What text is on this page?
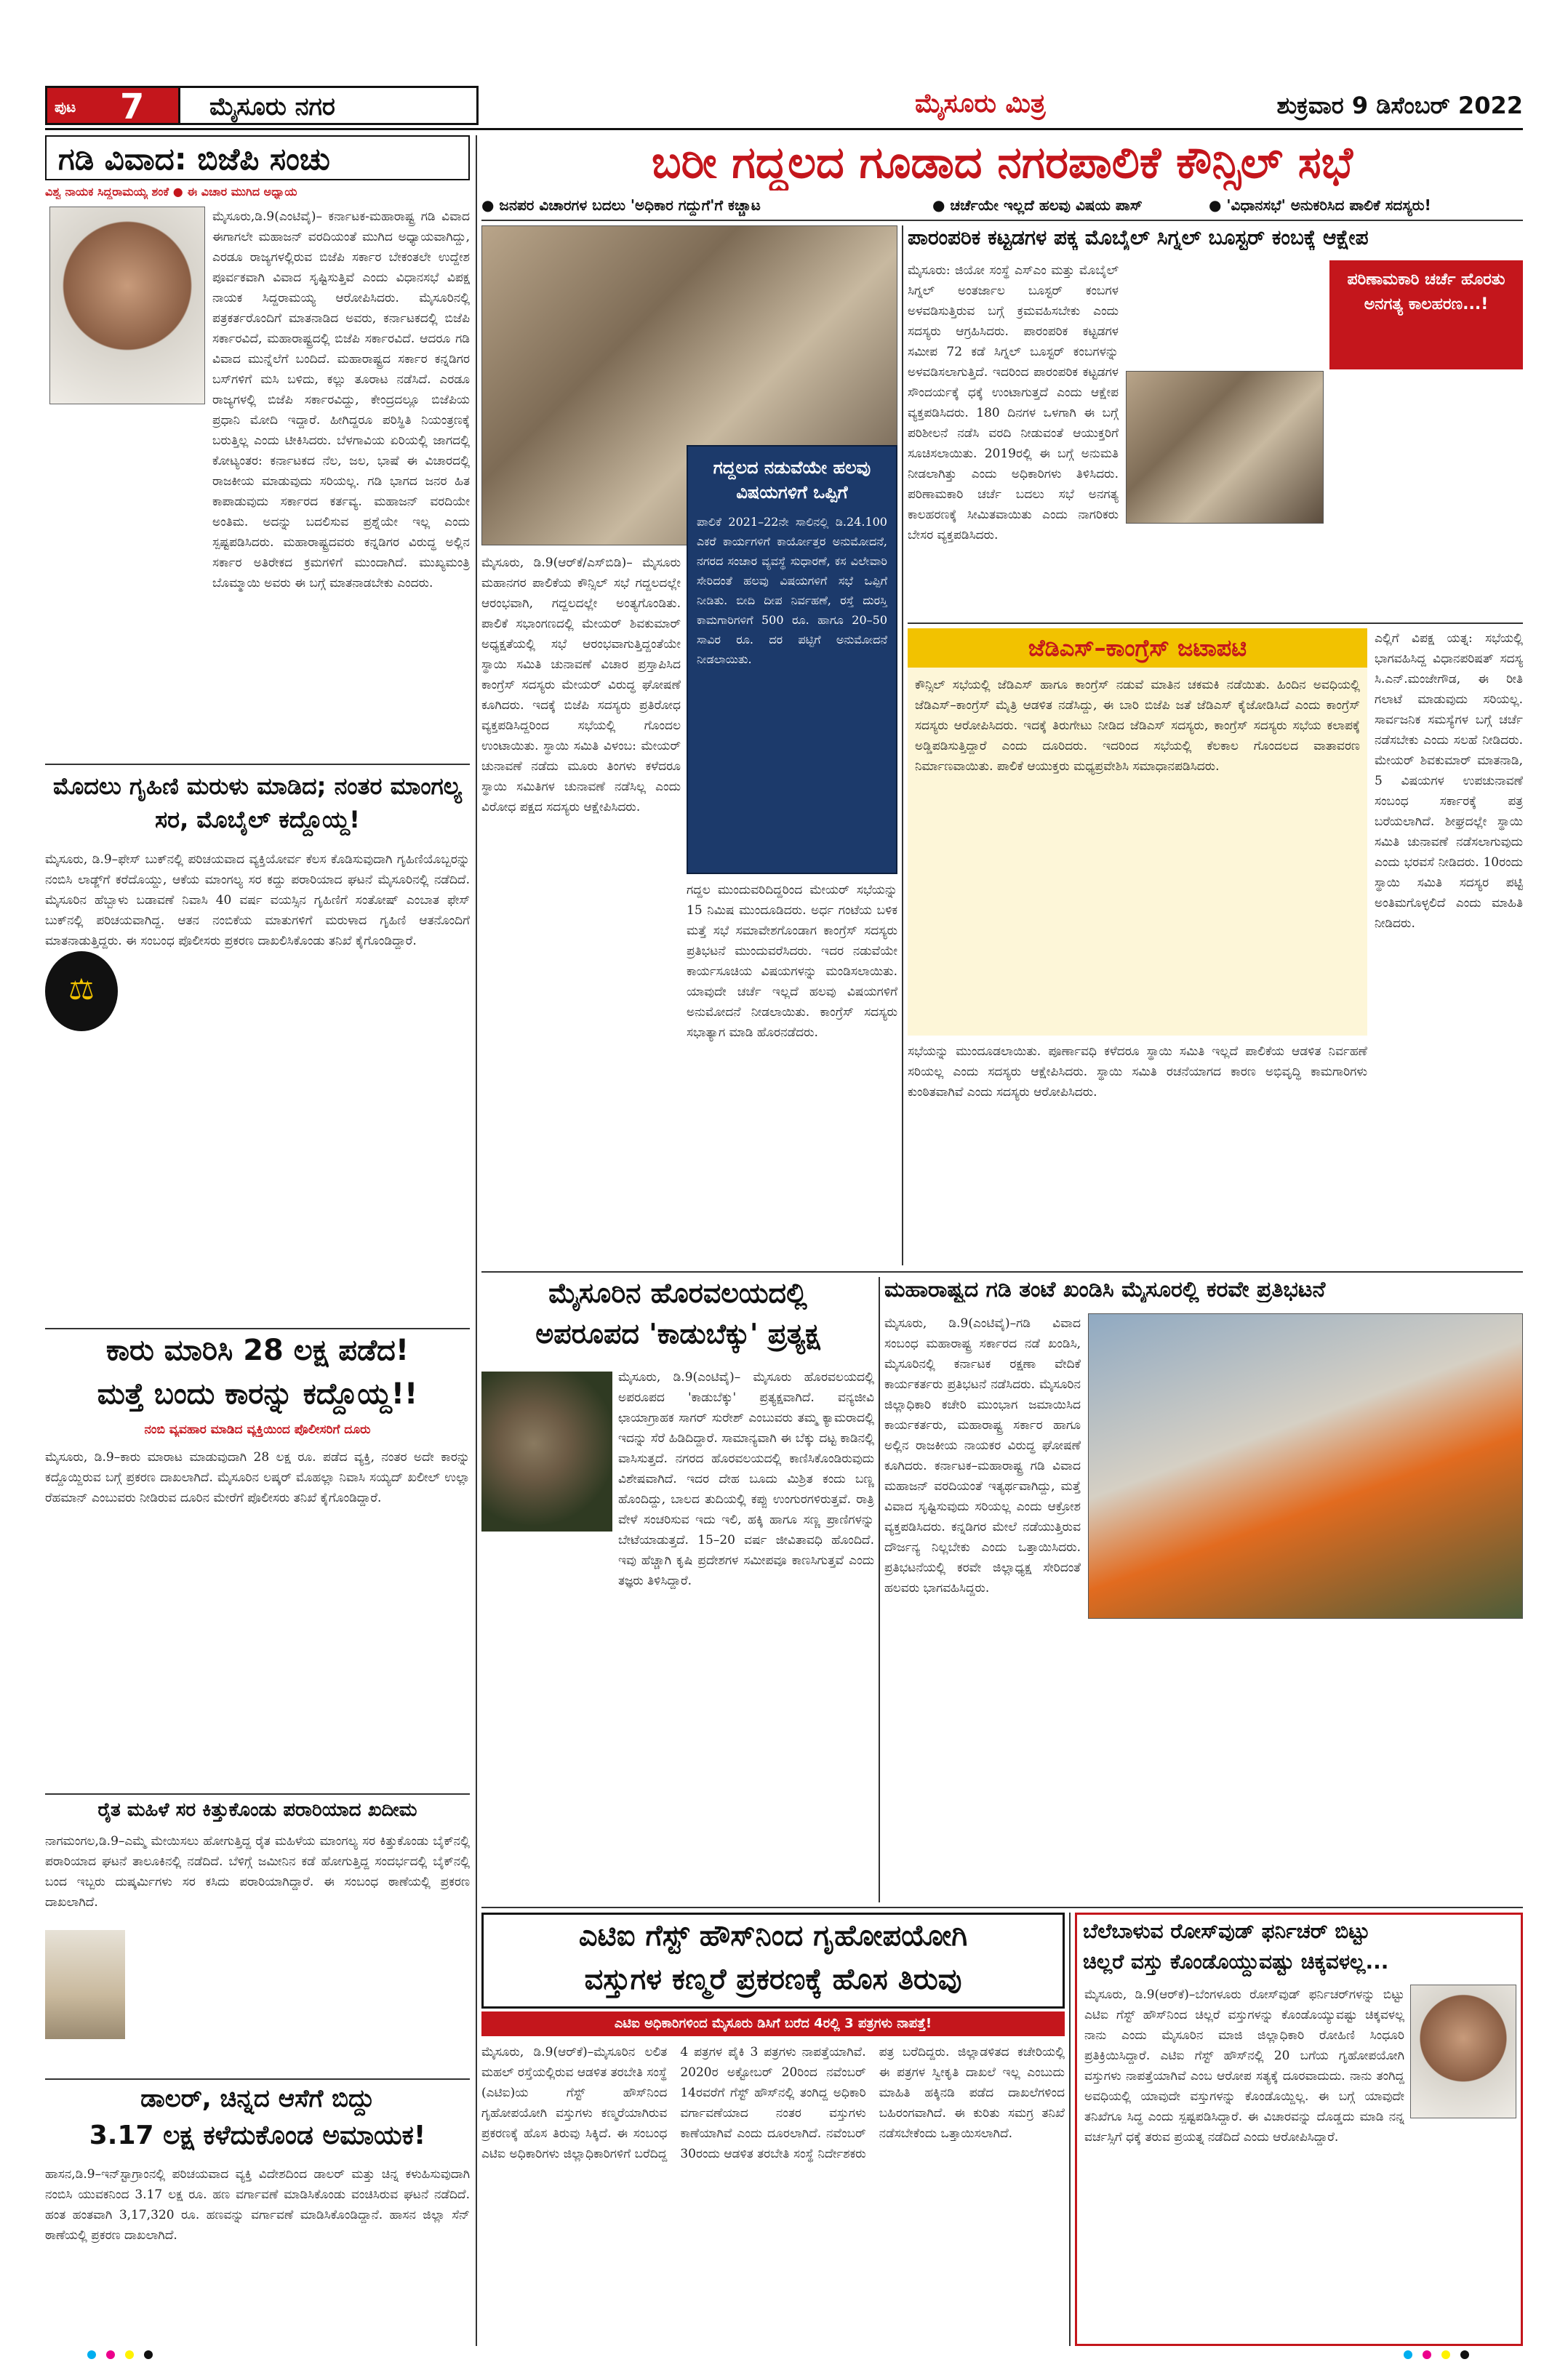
ಪುಟ 7	ಮೈಸೂರು ನಗರ	ಮೈಸೂರು ಮಿತ್ರ	ಶುಕ್ರವಾರ 9 ಡಿಸೆಂಬರ್ 2022
ಗಡಿ ವಿವಾದ: ಬಿಜೆಪಿ ಸಂಚು
ವಿಶ್ವ ನಾಯಕ ಸಿದ್ದರಾಮಯ್ಯ ಶಂಕೆ ● ಈ ವಿಚಾರ ಮುಗಿದ ಅಧ್ಯಾಯ
ಮೈಸೂರು,ಡಿ.9(ಎಂಟಿವೈ)– ಕರ್ನಾಟಕ-ಮಹಾರಾಷ್ಟ್ರ ಗಡಿ ವಿವಾದ ಈಗಾಗಲೇ ಮಹಾಜನ್ ವರದಿಯಂತೆ ಮುಗಿದ ಅಧ್ಯಾಯವಾಗಿದ್ದು, ಎರಡೂ ರಾಜ್ಯಗಳಲ್ಲಿರುವ ಬಿಜೆಪಿ ಸರ್ಕಾರ ಬೇಕಂತಲೇ ಉದ್ದೇಶ ಪೂರ್ವಕವಾಗಿ ವಿವಾದ ಸೃಷ್ಟಿಸುತ್ತಿವೆ ಎಂದು ವಿಧಾನಸಭೆ ವಿಪಕ್ಷ ನಾಯಕ ಸಿದ್ದರಾಮಯ್ಯ ಆರೋಪಿಸಿದರು. ಮೈಸೂರಿನಲ್ಲಿ ಪತ್ರಕರ್ತರೊಂದಿಗೆ ಮಾತನಾಡಿದ ಅವರು, ಕರ್ನಾಟಕದಲ್ಲಿ ಬಿಜೆಪಿ ಸರ್ಕಾರವಿದೆ, ಮಹಾರಾಷ್ಟ್ರದಲ್ಲಿ ಬಿಜೆಪಿ ಸರ್ಕಾರವಿದೆ. ಆದರೂ ಗಡಿ ವಿವಾದ ಮುನ್ನೆಲೆಗೆ ಬಂದಿದೆ. ಮಹಾರಾಷ್ಟ್ರದ ಸರ್ಕಾರ ಕನ್ನಡಿಗರ ಬಸ್‌ಗಳಿಗೆ ಮಸಿ ಬಳಿದು, ಕಲ್ಲು ತೂರಾಟ ನಡೆಸಿದೆ. ಎರಡೂ ರಾಜ್ಯಗಳಲ್ಲಿ ಬಿಜೆಪಿ ಸರ್ಕಾರವಿದ್ದು, ಕೇಂದ್ರದಲ್ಲೂ ಬಿಜೆಪಿಯ ಪ್ರಧಾನಿ ಮೋದಿ ಇದ್ದಾರೆ. ಹೀಗಿದ್ದರೂ ಪರಿಸ್ಥಿತಿ ನಿಯಂತ್ರಣಕ್ಕೆ ಬರುತ್ತಿಲ್ಲ ಎಂದು ಟೀಕಿಸಿದರು. ಬೆಳಗಾವಿಯ ಏರಿಯಲ್ಲಿ ಜಾಗದಲ್ಲಿ ಕೋಟ್ಯಂತರ: ಕರ್ನಾಟಕದ ನೆಲ, ಜಲ, ಭಾಷೆ ಈ ವಿಚಾರದಲ್ಲಿ ರಾಜಕೀಯ ಮಾಡುವುದು ಸರಿಯಲ್ಲ. ಗಡಿ ಭಾಗದ ಜನರ ಹಿತ ಕಾಪಾಡುವುದು ಸರ್ಕಾರದ ಕರ್ತವ್ಯ. ಮಹಾಜನ್ ವರದಿಯೇ ಅಂತಿಮ. ಅದನ್ನು ಬದಲಿಸುವ ಪ್ರಶ್ನೆಯೇ ಇಲ್ಲ ಎಂದು ಸ್ಪಷ್ಟಪಡಿಸಿದರು. ಮಹಾರಾಷ್ಟ್ರದವರು ಕನ್ನಡಿಗರ ವಿರುದ್ಧ ಅಲ್ಲಿನ ಸರ್ಕಾರ ಅತಿರೇಕದ ಕ್ರಮಗಳಿಗೆ ಮುಂದಾಗಿದೆ. ಮುಖ್ಯಮಂತ್ರಿ ಬೊಮ್ಮಾಯಿ ಅವರು ಈ ಬಗ್ಗೆ ಮಾತನಾಡಬೇಕು ಎಂದರು.
ಮೊದಲು ಗೃಹಿಣಿ ಮರುಳು ಮಾಡಿದ; ನಂತರ ಮಾಂಗಲ್ಯ ಸರ, ಮೊಬೈಲ್ ಕದ್ದೊಯ್ದ!
⚖
ಮೈಸೂರು, ಡಿ.9–ಫೇಸ್ ಬುಕ್‌ನಲ್ಲಿ ಪರಿಚಯವಾದ ವ್ಯಕ್ತಿಯೋರ್ವ ಕೆಲಸ ಕೊಡಿಸುವುದಾಗಿ ಗೃಹಿಣಿಯೊಬ್ಬರನ್ನು ನಂಬಿಸಿ ಲಾಡ್ಜ್‌ಗೆ ಕರೆದೊಯ್ದು, ಆಕೆಯ ಮಾಂಗಲ್ಯ ಸರ ಕದ್ದು ಪರಾರಿಯಾದ ಘಟನೆ ಮೈಸೂರಿನಲ್ಲಿ ನಡೆದಿದೆ. ಮೈಸೂರಿನ ಹೆಬ್ಬಾಳು ಬಡಾವಣೆ ನಿವಾಸಿ 40 ವರ್ಷ ವಯಸ್ಸಿನ ಗೃಹಿಣಿಗೆ ಸಂತೋಷ್ ಎಂಬಾತ ಫೇಸ್ ಬುಕ್‌ನಲ್ಲಿ ಪರಿಚಯವಾಗಿದ್ದ. ಆತನ ನಂಬಿಕೆಯ ಮಾತುಗಳಿಗೆ ಮರುಳಾದ ಗೃಹಿಣಿ ಆತನೊಂದಿಗೆ ಮಾತನಾಡುತ್ತಿದ್ದರು. ಈ ಸಂಬಂಧ ಪೊಲೀಸರು ಪ್ರಕರಣ ದಾಖಲಿಸಿಕೊಂಡು ತನಿಖೆ ಕೈಗೊಂಡಿದ್ದಾರೆ.
ಕಾರು ಮಾರಿಸಿ 28 ಲಕ್ಷ ಪಡೆದ!
ಮತ್ತೆ ಬಂದು ಕಾರನ್ನು ಕದ್ದೊಯ್ದ!!
ನಂಬಿ ವ್ಯವಹಾರ ಮಾಡಿದ ವ್ಯಕ್ತಿಯಿಂದ ಪೊಲೀಸರಿಗೆ ದೂರು
ಮೈಸೂರು, ಡಿ.9–ಕಾರು ಮಾರಾಟ ಮಾಡುವುದಾಗಿ 28 ಲಕ್ಷ ರೂ. ಪಡೆದ ವ್ಯಕ್ತಿ, ನಂತರ ಅದೇ ಕಾರನ್ನು ಕದ್ದೊಯ್ದಿರುವ ಬಗ್ಗೆ ಪ್ರಕರಣ ದಾಖಲಾಗಿದೆ. ಮೈಸೂರಿನ ಲಷ್ಕರ್ ಮೊಹಲ್ಲಾ ನಿವಾಸಿ ಸಯ್ಯದ್ ಖಲೀಲ್ ಉಲ್ಲಾ ರೆಹಮಾನ್ ಎಂಬುವರು ನೀಡಿರುವ ದೂರಿನ ಮೇರೆಗೆ ಪೊಲೀಸರು ತನಿಖೆ ಕೈಗೊಂಡಿದ್ದಾರೆ.
ರೈತ ಮಹಿಳೆ ಸರ ಕಿತ್ತುಕೊಂಡು ಪರಾರಿಯಾದ ಖದೀಮ
ನಾಗಮಂಗಲ,ಡಿ.9–ಎಮ್ಮೆ ಮೇಯಿಸಲು ಹೋಗುತ್ತಿದ್ದ ರೈತ ಮಹಿಳೆಯ ಮಾಂಗಲ್ಯ ಸರ ಕಿತ್ತುಕೊಂಡು ಬೈಕ್‌ನಲ್ಲಿ ಪರಾರಿಯಾದ ಘಟನೆ ತಾಲೂಕಿನಲ್ಲಿ ನಡೆದಿದೆ. ಬೆಳಿಗ್ಗೆ ಜಮೀನಿನ ಕಡೆ ಹೋಗುತ್ತಿದ್ದ ಸಂದರ್ಭದಲ್ಲಿ ಬೈಕ್‌ನಲ್ಲಿ ಬಂದ ಇಬ್ಬರು ದುಷ್ಕರ್ಮಿಗಳು ಸರ ಕಸಿದು ಪರಾರಿಯಾಗಿದ್ದಾರೆ. ಈ ಸಂಬಂಧ ಠಾಣೆಯಲ್ಲಿ ಪ್ರಕರಣ ದಾಖಲಾಗಿದೆ.
ಡಾಲರ್, ಚಿನ್ನದ ಆಸೆಗೆ ಬಿದ್ದು
3.17 ಲಕ್ಷ ಕಳೆದುಕೊಂಡ ಅಮಾಯಕ!
ಹಾಸನ,ಡಿ.9–ಇನ್‌ಸ್ಟಾಗ್ರಾಂನಲ್ಲಿ ಪರಿಚಯವಾದ ವ್ಯಕ್ತಿ ವಿದೇಶದಿಂದ ಡಾಲರ್ ಮತ್ತು ಚಿನ್ನ ಕಳುಹಿಸುವುದಾಗಿ ನಂಬಿಸಿ ಯುವಕನಿಂದ 3.17 ಲಕ್ಷ ರೂ. ಹಣ ವರ್ಗಾವಣೆ ಮಾಡಿಸಿಕೊಂಡು ವಂಚಿಸಿರುವ ಘಟನೆ ನಡೆದಿದೆ. ಹಂತ ಹಂತವಾಗಿ 3,17,320 ರೂ. ಹಣವನ್ನು ವರ್ಗಾವಣೆ ಮಾಡಿಸಿಕೊಂಡಿದ್ದಾನೆ. ಹಾಸನ ಜಿಲ್ಲಾ ಸೆನ್ ಠಾಣೆಯಲ್ಲಿ ಪ್ರಕರಣ ದಾಖಲಾಗಿದೆ.
ಬರೀ ಗದ್ದಲದ ಗೂಡಾದ ನಗರಪಾಲಿಕೆ ಕೌನ್ಸಿಲ್ ಸಭೆ
● ಜನಪರ ವಿಚಾರಗಳ ಬದಲು 'ಅಧಿಕಾರ ಗದ್ದುಗೆ'ಗೆ ಕಚ್ಚಾಟ	● ಚರ್ಚೆಯೇ ಇಲ್ಲದೆ ಹಲವು ವಿಷಯ ಪಾಸ್	● 'ವಿಧಾನಸಭೆ' ಅನುಕರಿಸಿದ ಪಾಲಿಕೆ ಸದಸ್ಯರು!
ಗದ್ದಲದ ನಡುವೆಯೇ ಹಲವು ವಿಷಯಗಳಿಗೆ ಒಪ್ಪಿಗೆ
ಪಾಲಿಕೆ 2021–22ನೇ ಸಾಲಿನಲ್ಲಿ ಡಿ.24.100 ಎಕರೆ ಕಾರ್ಯಗಳಿಗೆ ಕಾರ್ಯೋತ್ತರ ಅನುಮೋದನೆ, ನಗರದ ಸಂಚಾರ ವ್ಯವಸ್ಥೆ ಸುಧಾರಣೆ, ಕಸ ವಿಲೇವಾರಿ ಸೇರಿದಂತೆ ಹಲವು ವಿಷಯಗಳಿಗೆ ಸಭೆ ಒಪ್ಪಿಗೆ ನೀಡಿತು. ಬೀದಿ ದೀಪ ನಿರ್ವಹಣೆ, ರಸ್ತೆ ದುರಸ್ತಿ ಕಾಮಗಾರಿಗಳಿಗೆ 500 ರೂ. ಹಾಗೂ 20–50 ಸಾವಿರ ರೂ. ದರ ಪಟ್ಟಿಗೆ ಅನುಮೋದನೆ ನೀಡಲಾಯಿತು.
ಮೈಸೂರು, ಡಿ.9(ಆರ್‌ಕೆ/ಎಸ್‌ಬಿಡಿ)– ಮೈಸೂರು ಮಹಾನಗರ ಪಾಲಿಕೆಯ ಕೌನ್ಸಿಲ್ ಸಭೆ ಗದ್ದಲದಲ್ಲೇ ಆರಂಭವಾಗಿ, ಗದ್ದಲದಲ್ಲೇ ಅಂತ್ಯಗೊಂಡಿತು. ಪಾಲಿಕೆ ಸಭಾಂಗಣದಲ್ಲಿ ಮೇಯರ್ ಶಿವಕುಮಾರ್ ಅಧ್ಯಕ್ಷತೆಯಲ್ಲಿ ಸಭೆ ಆರಂಭವಾಗುತ್ತಿದ್ದಂತೆಯೇ ಸ್ಥಾಯಿ ಸಮಿತಿ ಚುನಾವಣೆ ವಿಚಾರ ಪ್ರಸ್ತಾಪಿಸಿದ ಕಾಂಗ್ರೆಸ್ ಸದಸ್ಯರು ಮೇಯರ್ ವಿರುದ್ಧ ಘೋಷಣೆ ಕೂಗಿದರು. ಇದಕ್ಕೆ ಬಿಜೆಪಿ ಸದಸ್ಯರು ಪ್ರತಿರೋಧ ವ್ಯಕ್ತಪಡಿಸಿದ್ದರಿಂದ ಸಭೆಯಲ್ಲಿ ಗೊಂದಲ ಉಂಟಾಯಿತು. ಸ್ಥಾಯಿ ಸಮಿತಿ ವಿಳಂಬ: ಮೇಯರ್ ಚುನಾವಣೆ ನಡೆದು ಮೂರು ತಿಂಗಳು ಕಳೆದರೂ ಸ್ಥಾಯಿ ಸಮಿತಿಗಳ ಚುನಾವಣೆ ನಡೆಸಿಲ್ಲ ಎಂದು ವಿರೋಧ ಪಕ್ಷದ ಸದಸ್ಯರು ಆಕ್ಷೇಪಿಸಿದರು.
ಗದ್ದಲ ಮುಂದುವರಿದಿದ್ದರಿಂದ ಮೇಯರ್ ಸಭೆಯನ್ನು 15 ನಿಮಿಷ ಮುಂದೂಡಿದರು. ಅರ್ಧ ಗಂಟೆಯ ಬಳಿಕ ಮತ್ತೆ ಸಭೆ ಸಮಾವೇಶಗೊಂಡಾಗ ಕಾಂಗ್ರೆಸ್ ಸದಸ್ಯರು ಪ್ರತಿಭಟನೆ ಮುಂದುವರೆಸಿದರು. ಇದರ ನಡುವೆಯೇ ಕಾರ್ಯಸೂಚಿಯ ವಿಷಯಗಳನ್ನು ಮಂಡಿಸಲಾಯಿತು. ಯಾವುದೇ ಚರ್ಚೆ ಇಲ್ಲದೆ ಹಲವು ವಿಷಯಗಳಿಗೆ ಅನುಮೋದನೆ ನೀಡಲಾಯಿತು. ಕಾಂಗ್ರೆಸ್ ಸದಸ್ಯರು ಸಭಾತ್ಯಾಗ ಮಾಡಿ ಹೊರನಡೆದರು.
ಪಾರಂಪರಿಕ ಕಟ್ಟಡಗಳ ಪಕ್ಕ ಮೊಬೈಲ್ ಸಿಗ್ನಲ್ ಬೂಸ್ಟರ್ ಕಂಬಕ್ಕೆ ಆಕ್ಷೇಪ
ಪರಿಣಾಮಕಾರಿ ಚರ್ಚೆ ಹೊರತು ಅನಗತ್ಯ ಕಾಲಹರಣ...!
ಮೈಸೂರು: ಜಿಯೋ ಸಂಸ್ಥೆ ಎಸ್‌ಎಂ ಮತ್ತು ಮೊಬೈಲ್ ಸಿಗ್ನಲ್ ಅಂತರ್ಜಾಲ ಬೂಸ್ಟರ್ ಕಂಬಗಳ ಅಳವಡಿಸುತ್ತಿರುವ ಬಗ್ಗೆ ಕ್ರಮವಹಿಸಬೇಕು ಎಂದು ಸದಸ್ಯರು ಆಗ್ರಹಿಸಿದರು. ಪಾರಂಪರಿಕ ಕಟ್ಟಡಗಳ ಸಮೀಪ 72 ಕಡೆ ಸಿಗ್ನಲ್ ಬೂಸ್ಟರ್ ಕಂಬಗಳನ್ನು ಅಳವಡಿಸಲಾಗುತ್ತಿದೆ. ಇದರಿಂದ ಪಾರಂಪರಿಕ ಕಟ್ಟಡಗಳ ಸೌಂದರ್ಯಕ್ಕೆ ಧಕ್ಕೆ ಉಂಟಾಗುತ್ತದೆ ಎಂದು ಆಕ್ಷೇಪ ವ್ಯಕ್ತಪಡಿಸಿದರು. 180 ದಿನಗಳ ಒಳಗಾಗಿ ಈ ಬಗ್ಗೆ ಪರಿಶೀಲನೆ ನಡೆಸಿ ವರದಿ ನೀಡುವಂತೆ ಆಯುಕ್ತರಿಗೆ ಸೂಚಿಸಲಾಯಿತು. 2019ರಲ್ಲಿ ಈ ಬಗ್ಗೆ ಅನುಮತಿ ನೀಡಲಾಗಿತ್ತು ಎಂದು ಅಧಿಕಾರಿಗಳು ತಿಳಿಸಿದರು. ಪರಿಣಾಮಕಾರಿ ಚರ್ಚೆ ಬದಲು ಸಭೆ ಅನಗತ್ಯ ಕಾಲಹರಣಕ್ಕೆ ಸೀಮಿತವಾಯಿತು ಎಂದು ನಾಗರಿಕರು ಬೇಸರ ವ್ಯಕ್ತಪಡಿಸಿದರು.
ಜೆಡಿಎಸ್–ಕಾಂಗ್ರೆಸ್ ಜಟಾಪಟಿ
ಕೌನ್ಸಿಲ್ ಸಭೆಯಲ್ಲಿ ಜೆಡಿಎಸ್ ಹಾಗೂ ಕಾಂಗ್ರೆಸ್ ನಡುವೆ ಮಾತಿನ ಚಕಮಕಿ ನಡೆಯಿತು. ಹಿಂದಿನ ಅವಧಿಯಲ್ಲಿ ಜೆಡಿಎಸ್–ಕಾಂಗ್ರೆಸ್ ಮೈತ್ರಿ ಆಡಳಿತ ನಡೆಸಿದ್ದು, ಈ ಬಾರಿ ಬಿಜೆಪಿ ಜತೆ ಜೆಡಿಎಸ್ ಕೈಜೋಡಿಸಿದೆ ಎಂದು ಕಾಂಗ್ರೆಸ್ ಸದಸ್ಯರು ಆರೋಪಿಸಿದರು. ಇದಕ್ಕೆ ತಿರುಗೇಟು ನೀಡಿದ ಜೆಡಿಎಸ್ ಸದಸ್ಯರು, ಕಾಂಗ್ರೆಸ್ ಸದಸ್ಯರು ಸಭೆಯ ಕಲಾಪಕ್ಕೆ ಅಡ್ಡಿಪಡಿಸುತ್ತಿದ್ದಾರೆ ಎಂದು ದೂರಿದರು. ಇದರಿಂದ ಸಭೆಯಲ್ಲಿ ಕೆಲಕಾಲ ಗೊಂದಲದ ವಾತಾವರಣ ನಿರ್ಮಾಣವಾಯಿತು. ಪಾಲಿಕೆ ಆಯುಕ್ತರು ಮಧ್ಯಪ್ರವೇಶಿಸಿ ಸಮಾಧಾನಪಡಿಸಿದರು.
ಎಲ್ಲಿಗೆ ವಿಪಕ್ಷ ಯತ್ನ: ಸಭೆಯಲ್ಲಿ ಭಾಗವಹಿಸಿದ್ದ ವಿಧಾನಪರಿಷತ್ ಸದಸ್ಯ ಸಿ.ಎನ್.ಮಂಜೇಗೌಡ, ಈ ರೀತಿ ಗಲಾಟೆ ಮಾಡುವುದು ಸರಿಯಲ್ಲ. ಸಾರ್ವಜನಿಕ ಸಮಸ್ಯೆಗಳ ಬಗ್ಗೆ ಚರ್ಚೆ ನಡೆಸಬೇಕು ಎಂದು ಸಲಹೆ ನೀಡಿದರು. ಮೇಯರ್ ಶಿವಕುಮಾರ್ ಮಾತನಾಡಿ, 5 ವಿಷಯಗಳ ಉಪಚುನಾವಣೆ ಸಂಬಂಧ ಸರ್ಕಾರಕ್ಕೆ ಪತ್ರ ಬರೆಯಲಾಗಿದೆ. ಶೀಘ್ರದಲ್ಲೇ ಸ್ಥಾಯಿ ಸಮಿತಿ ಚುನಾವಣೆ ನಡೆಸಲಾಗುವುದು ಎಂದು ಭರವಸೆ ನೀಡಿದರು. 10ರಂದು ಸ್ಥಾಯಿ ಸಮಿತಿ ಸದಸ್ಯರ ಪಟ್ಟಿ ಅಂತಿಮಗೊಳ್ಳಲಿದೆ ಎಂದು ಮಾಹಿತಿ ನೀಡಿದರು.
ಸಭೆಯನ್ನು ಮುಂದೂಡಲಾಯಿತು. ಪೂರ್ಣಾವಧಿ ಕಳೆದರೂ ಸ್ಥಾಯಿ ಸಮಿತಿ ಇಲ್ಲದೆ ಪಾಲಿಕೆಯ ಆಡಳಿತ ನಿರ್ವಹಣೆ ಸರಿಯಲ್ಲ ಎಂದು ಸದಸ್ಯರು ಆಕ್ಷೇಪಿಸಿದರು. ಸ್ಥಾಯಿ ಸಮಿತಿ ರಚನೆಯಾಗದ ಕಾರಣ ಅಭಿವೃದ್ಧಿ ಕಾಮಗಾರಿಗಳು ಕುಂಠಿತವಾಗಿವೆ ಎಂದು ಸದಸ್ಯರು ಆರೋಪಿಸಿದರು.
ಮೈಸೂರಿನ ಹೊರವಲಯದಲ್ಲಿ
ಅಪರೂಪದ 'ಕಾಡುಬೆಕ್ಕು' ಪ್ರತ್ಯಕ್ಷ
ಮೈಸೂರು, ಡಿ.9(ಎಂಟಿವೈ)– ಮೈಸೂರು ಹೊರವಲಯದಲ್ಲಿ ಅಪರೂಪದ 'ಕಾಡುಬೆಕ್ಕು' ಪ್ರತ್ಯಕ್ಷವಾಗಿದೆ. ವನ್ಯಜೀವಿ ಛಾಯಾಗ್ರಾಹಕ ಸಾಗರ್ ಸುರೇಶ್ ಎಂಬುವರು ತಮ್ಮ ಕ್ಯಾಮರಾದಲ್ಲಿ ಇದನ್ನು ಸೆರೆ ಹಿಡಿದಿದ್ದಾರೆ. ಸಾಮಾನ್ಯವಾಗಿ ಈ ಬೆಕ್ಕು ದಟ್ಟ ಕಾಡಿನಲ್ಲಿ ವಾಸಿಸುತ್ತದೆ. ನಗರದ ಹೊರವಲಯದಲ್ಲಿ ಕಾಣಿಸಿಕೊಂಡಿರುವುದು ವಿಶೇಷವಾಗಿದೆ. ಇದರ ದೇಹ ಬೂದು ಮಿಶ್ರಿತ ಕಂದು ಬಣ್ಣ ಹೊಂದಿದ್ದು, ಬಾಲದ ತುದಿಯಲ್ಲಿ ಕಪ್ಪು ಉಂಗುರಗಳಿರುತ್ತವೆ. ರಾತ್ರಿ ವೇಳೆ ಸಂಚರಿಸುವ ಇದು ಇಲಿ, ಹಕ್ಕಿ ಹಾಗೂ ಸಣ್ಣ ಪ್ರಾಣಿಗಳನ್ನು ಬೇಟೆಯಾಡುತ್ತದೆ. 15–20 ವರ್ಷ ಜೀವಿತಾವಧಿ ಹೊಂದಿದೆ. ಇವು ಹೆಚ್ಚಾಗಿ ಕೃಷಿ ಪ್ರದೇಶಗಳ ಸಮೀಪವೂ ಕಾಣಸಿಗುತ್ತವೆ ಎಂದು ತಜ್ಞರು ತಿಳಿಸಿದ್ದಾರೆ.
ಮಹಾರಾಷ್ಟ್ರದ ಗಡಿ ತಂಟೆ ಖಂಡಿಸಿ ಮೈಸೂರಲ್ಲಿ ಕರವೇ ಪ್ರತಿಭಟನೆ
ಮೈಸೂರು, ಡಿ.9(ಎಂಟಿವೈ)–ಗಡಿ ವಿವಾದ ಸಂಬಂಧ ಮಹಾರಾಷ್ಟ್ರ ಸರ್ಕಾರದ ನಡೆ ಖಂಡಿಸಿ, ಮೈಸೂರಿನಲ್ಲಿ ಕರ್ನಾಟಕ ರಕ್ಷಣಾ ವೇದಿಕೆ ಕಾರ್ಯಕರ್ತರು ಪ್ರತಿಭಟನೆ ನಡೆಸಿದರು. ಮೈಸೂರಿನ ಜಿಲ್ಲಾಧಿಕಾರಿ ಕಚೇರಿ ಮುಂಭಾಗ ಜಮಾಯಿಸಿದ ಕಾರ್ಯಕರ್ತರು, ಮಹಾರಾಷ್ಟ್ರ ಸರ್ಕಾರ ಹಾಗೂ ಅಲ್ಲಿನ ರಾಜಕೀಯ ನಾಯಕರ ವಿರುದ್ಧ ಘೋಷಣೆ ಕೂಗಿದರು. ಕರ್ನಾಟಕ–ಮಹಾರಾಷ್ಟ್ರ ಗಡಿ ವಿವಾದ ಮಹಾಜನ್ ವರದಿಯಂತೆ ಇತ್ಯರ್ಥವಾಗಿದ್ದು, ಮತ್ತೆ ವಿವಾದ ಸೃಷ್ಟಿಸುವುದು ಸರಿಯಲ್ಲ ಎಂದು ಆಕ್ರೋಶ ವ್ಯಕ್ತಪಡಿಸಿದರು. ಕನ್ನಡಿಗರ ಮೇಲೆ ನಡೆಯುತ್ತಿರುವ ದೌರ್ಜನ್ಯ ನಿಲ್ಲಬೇಕು ಎಂದು ಒತ್ತಾಯಿಸಿದರು. ಪ್ರತಿಭಟನೆಯಲ್ಲಿ ಕರವೇ ಜಿಲ್ಲಾಧ್ಯಕ್ಷ ಸೇರಿದಂತೆ ಹಲವರು ಭಾಗವಹಿಸಿದ್ದರು.
ಎಟಿಐ ಗೆಸ್ಟ್ ಹೌಸ್‌ನಿಂದ ಗೃಹೋಪಯೋಗಿ
ವಸ್ತುಗಳ ಕಣ್ಮರೆ ಪ್ರಕರಣಕ್ಕೆ ಹೊಸ ತಿರುವು
ಎಟಿಐ ಅಧಿಕಾರಿಗಳಿಂದ ಮೈಸೂರು ಡಿಸಿಗೆ ಬರೆದ 4ರಲ್ಲಿ 3 ಪತ್ರಗಳು ನಾಪತ್ತೆ!
ಮೈಸೂರು, ಡಿ.9(ಆರ್‌ಕೆ)–ಮೈಸೂರಿನ ಲಲಿತ ಮಹಲ್ ರಸ್ತೆಯಲ್ಲಿರುವ ಆಡಳಿತ ತರಬೇತಿ ಸಂಸ್ಥೆ (ಎಟಿಐ)ಯ ಗೆಸ್ಟ್ ಹೌಸ್‌ನಿಂದ ಗೃಹೋಪಯೋಗಿ ವಸ್ತುಗಳು ಕಣ್ಮರೆಯಾಗಿರುವ ಪ್ರಕರಣಕ್ಕೆ ಹೊಸ ತಿರುವು ಸಿಕ್ಕಿದೆ. ಈ ಸಂಬಂಧ ಎಟಿಐ ಅಧಿಕಾರಿಗಳು ಜಿಲ್ಲಾಧಿಕಾರಿಗಳಿಗೆ ಬರೆದಿದ್ದ 4 ಪತ್ರಗಳ ಪೈಕಿ 3 ಪತ್ರಗಳು ನಾಪತ್ತೆಯಾಗಿವೆ. 2020ರ ಅಕ್ಟೋಬರ್ 20ರಿಂದ ನವೆಂಬರ್ 14ರವರೆಗೆ ಗೆಸ್ಟ್ ಹೌಸ್‌ನಲ್ಲಿ ತಂಗಿದ್ದ ಅಧಿಕಾರಿ ವರ್ಗಾವಣೆಯಾದ ನಂತರ ವಸ್ತುಗಳು ಕಾಣೆಯಾಗಿವೆ ಎಂದು ದೂರಲಾಗಿದೆ. ನವೆಂಬರ್ 30ರಂದು ಆಡಳಿತ ತರಬೇತಿ ಸಂಸ್ಥೆ ನಿರ್ದೇಶಕರು ಪತ್ರ ಬರೆದಿದ್ದರು. ಜಿಲ್ಲಾಡಳಿತದ ಕಚೇರಿಯಲ್ಲಿ ಈ ಪತ್ರಗಳ ಸ್ವೀಕೃತಿ ದಾಖಲೆ ಇಲ್ಲ ಎಂಬುದು ಮಾಹಿತಿ ಹಕ್ಕಿನಡಿ ಪಡೆದ ದಾಖಲೆಗಳಿಂದ ಬಹಿರಂಗವಾಗಿದೆ. ಈ ಕುರಿತು ಸಮಗ್ರ ತನಿಖೆ ನಡೆಸಬೇಕೆಂದು ಒತ್ತಾಯಿಸಲಾಗಿದೆ.
ಬೆಲೆಬಾಳುವ ರೋಸ್‌ವುಡ್ ಫರ್ನಿಚರ್ ಬಿಟ್ಟು
ಚಿಲ್ಲರೆ ವಸ್ತು ಕೊಂಡೊಯ್ದುವಷ್ಟು ಚಿಕ್ಕವಳಲ್ಲ...
ಮೈಸೂರು, ಡಿ.9(ಆರ್‌ಕೆ)–ಬೆಂಗಳೂರು ರೋಸ್‌ವುಡ್ ಫರ್ನಿಚರ್‌ಗಳನ್ನು ಬಿಟ್ಟು ಎಟಿಐ ಗೆಸ್ಟ್ ಹೌಸ್‌ನಿಂದ ಚಿಲ್ಲರೆ ವಸ್ತುಗಳನ್ನು ಕೊಂಡೊಯ್ಯುವಷ್ಟು ಚಿಕ್ಕವಳಲ್ಲ ನಾನು ಎಂದು ಮೈಸೂರಿನ ಮಾಜಿ ಜಿಲ್ಲಾಧಿಕಾರಿ ರೋಹಿಣಿ ಸಿಂಧೂರಿ ಪ್ರತಿಕ್ರಿಯಿಸಿದ್ದಾರೆ. ಎಟಿಐ ಗೆಸ್ಟ್ ಹೌಸ್‌ನಲ್ಲಿ 20 ಬಗೆಯ ಗೃಹೋಪಯೋಗಿ ವಸ್ತುಗಳು ನಾಪತ್ತೆಯಾಗಿವೆ ಎಂಬ ಆರೋಪ ಸತ್ಯಕ್ಕೆ ದೂರವಾದುದು. ನಾನು ತಂಗಿದ್ದ ಅವಧಿಯಲ್ಲಿ ಯಾವುದೇ ವಸ್ತುಗಳನ್ನು ಕೊಂಡೊಯ್ದಿಲ್ಲ. ಈ ಬಗ್ಗೆ ಯಾವುದೇ ತನಿಖೆಗೂ ಸಿದ್ಧ ಎಂದು ಸ್ಪಷ್ಟಪಡಿಸಿದ್ದಾರೆ. ಈ ವಿಚಾರವನ್ನು ದೊಡ್ಡದು ಮಾಡಿ ನನ್ನ ವರ್ಚಸ್ಸಿಗೆ ಧಕ್ಕೆ ತರುವ ಪ್ರಯತ್ನ ನಡೆದಿದೆ ಎಂದು ಆರೋಪಿಸಿದ್ದಾರೆ.
